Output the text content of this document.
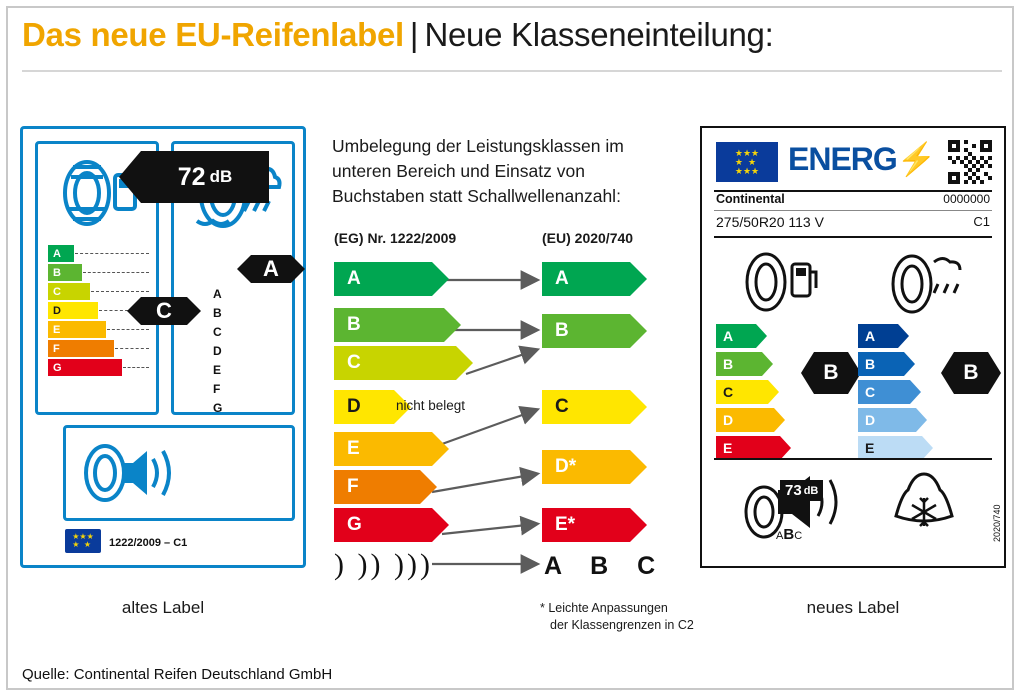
Das neue EU-Reifenlabel | Neue Klasseneinteilung:
A
B
C
D
E
F
G
C
A
B
C
D
E
F
G
A
72 dB
★★★
★  ★ 1222/2009 – C1
altes Label
Umbelegung der Leistungsklassen im unteren Bereich und Einsatz von Buchstaben statt Schallwellenanzahl:
(EG) Nr. 1222/2009	(EU) 2020/740
A
B
C
D	nicht belegt
E
F
G
) )) )))
A
B
C
D*
E*
A B C
* Leichte Anpassungen
der Klassengrenzen in C2
★★★
★  ★
★★★ ENERG⚡
Continental	0000000
275/50R20 113 V	C1
A
B
C
D
E
B
A
B
C
D
E
B
73 dB
ABC	2020/740
neues Label
Quelle: Continental Reifen Deutschland GmbH
